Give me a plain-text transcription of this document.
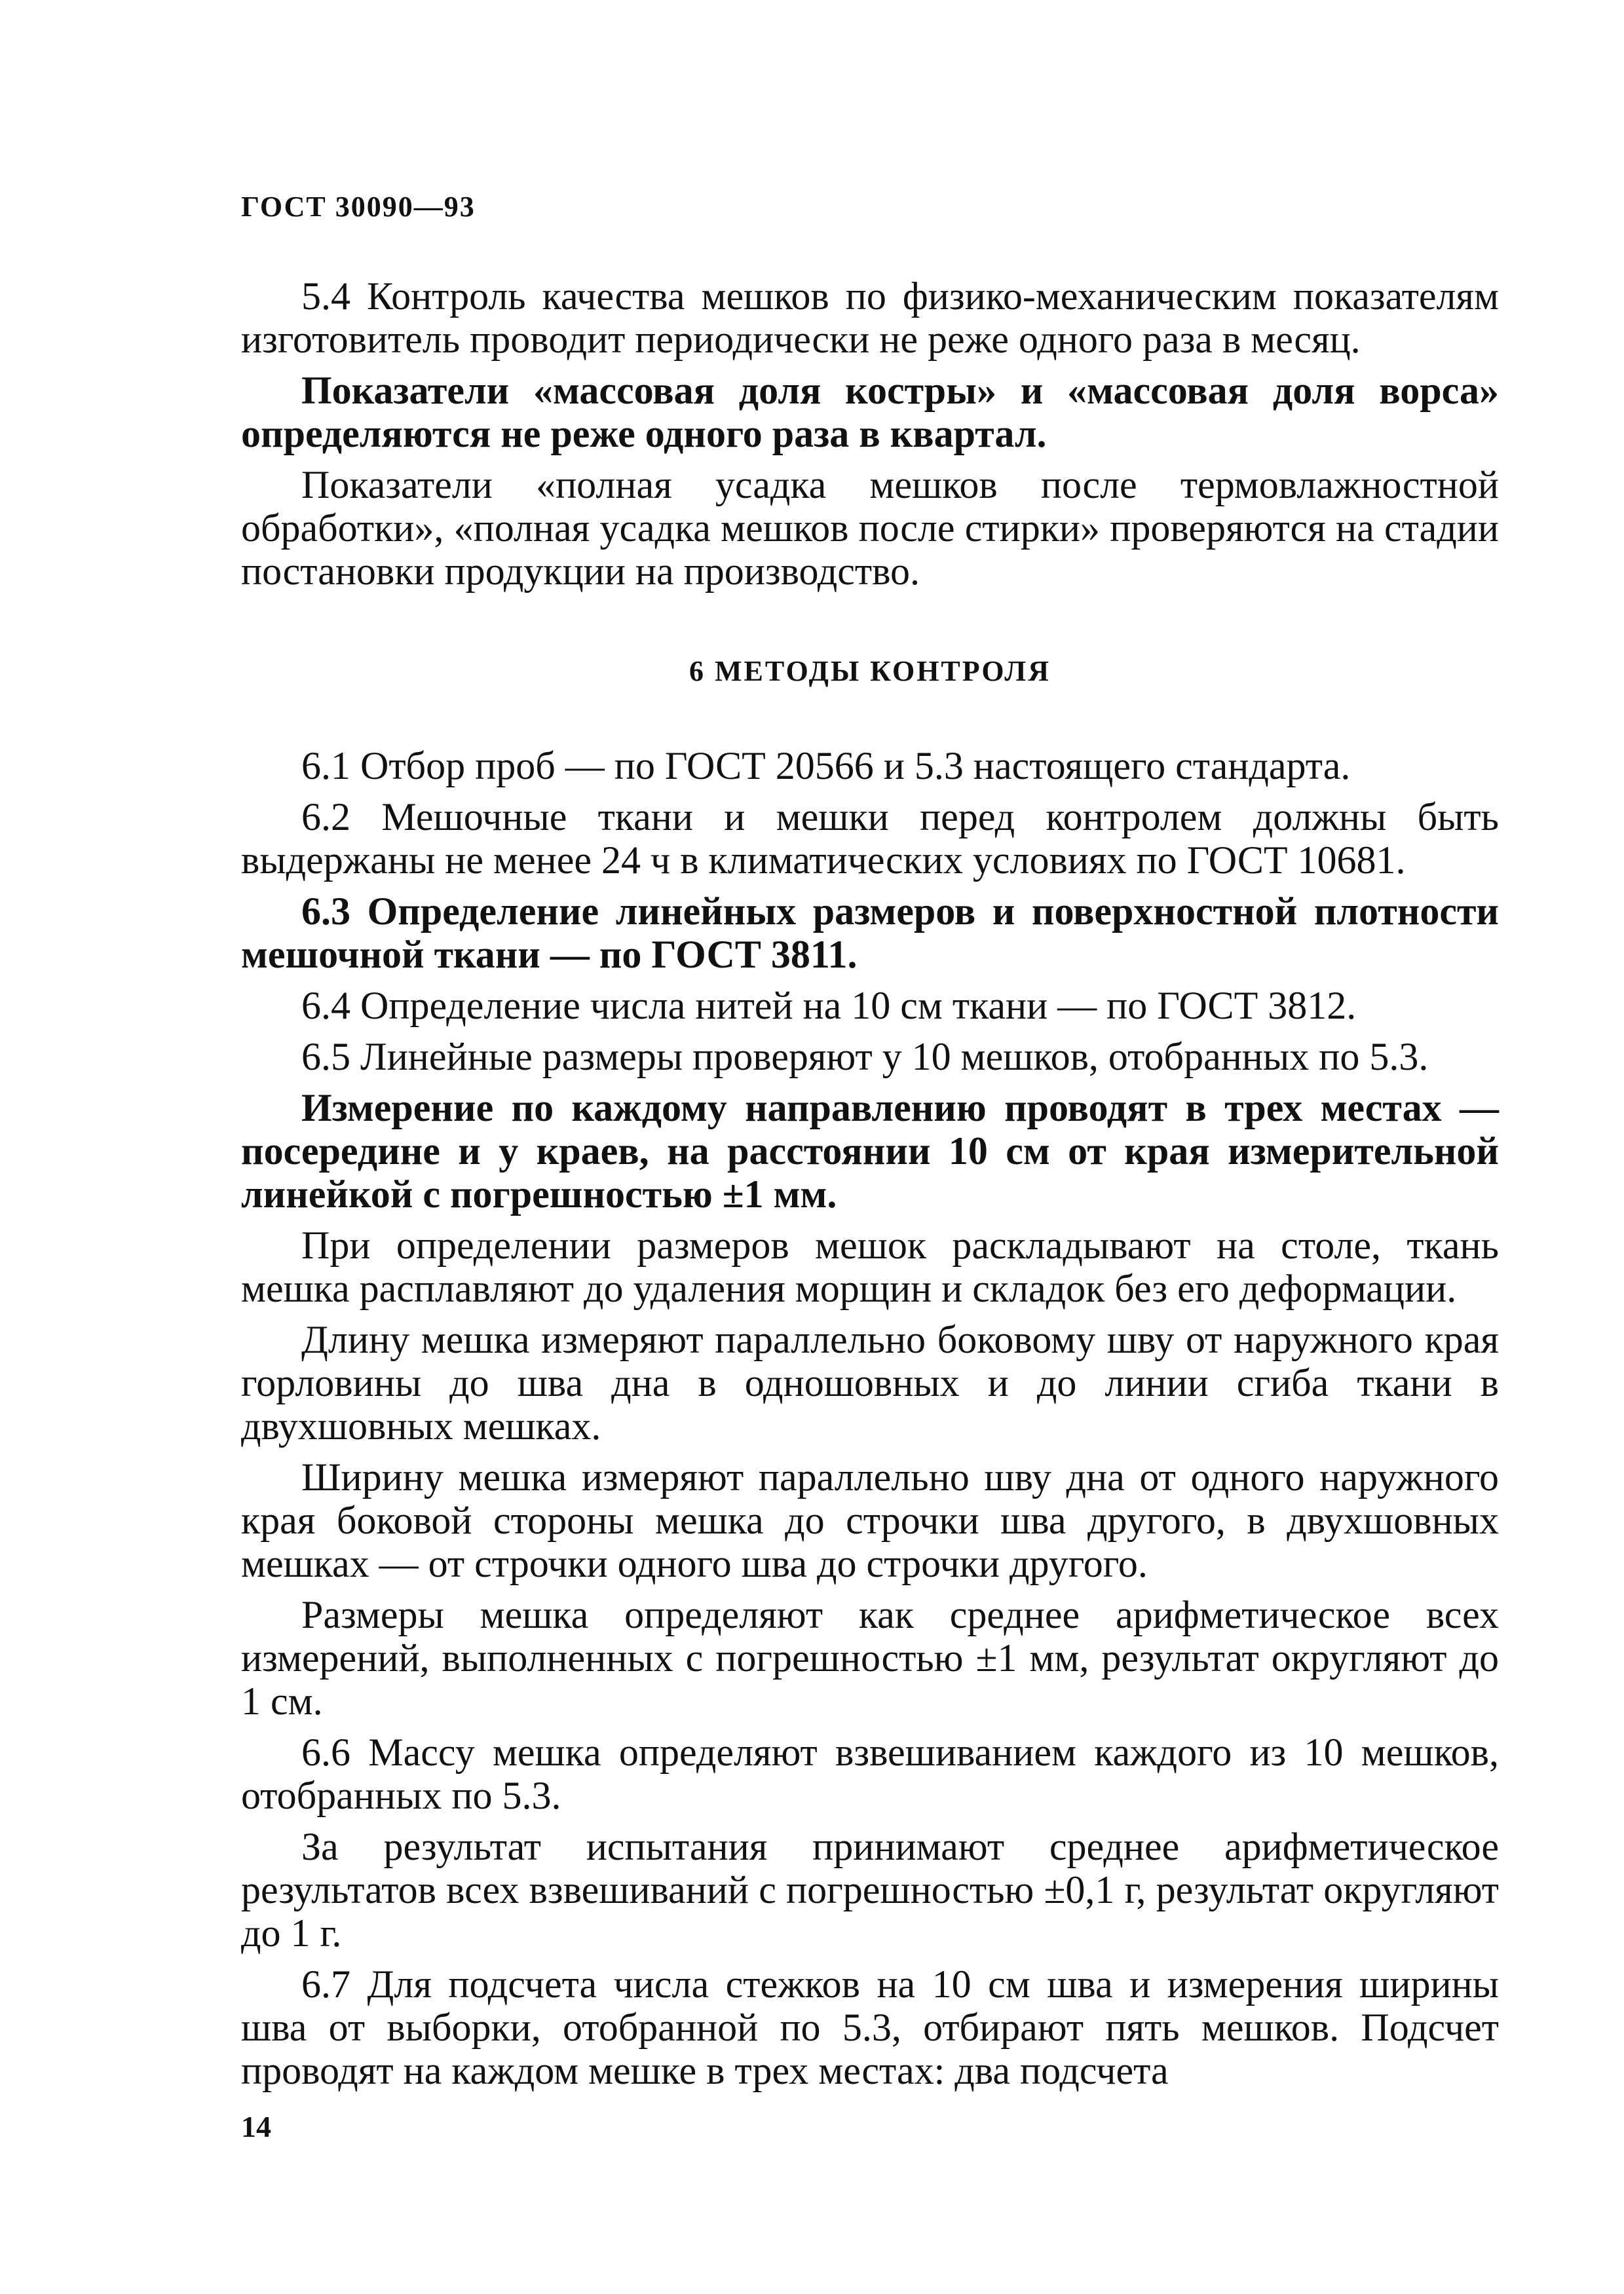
ГОСТ 30090—93

5.4 Контроль качества мешков по физико-механическим показателям изготовитель проводит периодически не реже одного раза в месяц.

Показатели «массовая доля костры» и «массовая доля ворса» определяются не реже одного раза в квартал.

Показатели «полная усадка мешков после термовлажностной обработки», «полная усадка мешков после стирки» проверяются на стадии постановки продукции на производство.

6 МЕТОДЫ КОНТРОЛЯ

6.1 Отбор проб — по ГОСТ 20566 и 5.3 настоящего стандарта.

6.2 Мешочные ткани и мешки перед контролем должны быть выдержаны не менее 24 ч в климатических условиях по ГОСТ 10681.

6.3 Определение линейных размеров и поверхностной плотности мешочной ткани — по ГОСТ 3811.

6.4 Определение числа нитей на 10 см ткани — по ГОСТ 3812.

6.5 Линейные размеры проверяют у 10 мешков, отобранных по 5.3.

Измерение по каждому направлению проводят в трех местах — посередине и у краев, на расстоянии 10 см от края измерительной линейкой с погрешностью ±1 мм.

При определении размеров мешок раскладывают на столе, ткань мешка расплавляют до удаления морщин и складок без его деформации.

Длину мешка измеряют параллельно боковому шву от наружного края горловины до шва дна в одношовных и до линии сгиба ткани в двухшовных мешках.

Ширину мешка измеряют параллельно шву дна от одного наружного края боковой стороны мешка до строчки шва другого, в двухшовных мешках — от строчки одного шва до строчки другого.

Размеры мешка определяют как среднее арифметическое всех измерений, выполненных с погрешностью ±1 мм, результат округляют до 1 см.

6.6 Массу мешка определяют взвешиванием каждого из 10 мешков, отобранных по 5.3.

За результат испытания принимают среднее арифметическое результатов всех взвешиваний с погрешностью ±0,1 г, результат округляют до 1 г.

6.7 Для подсчета числа стежков на 10 см шва и измерения ширины шва от выборки, отобранной по 5.3, отбирают пять мешков. Подсчет проводят на каждом мешке в трех местах: два подсчета

14
